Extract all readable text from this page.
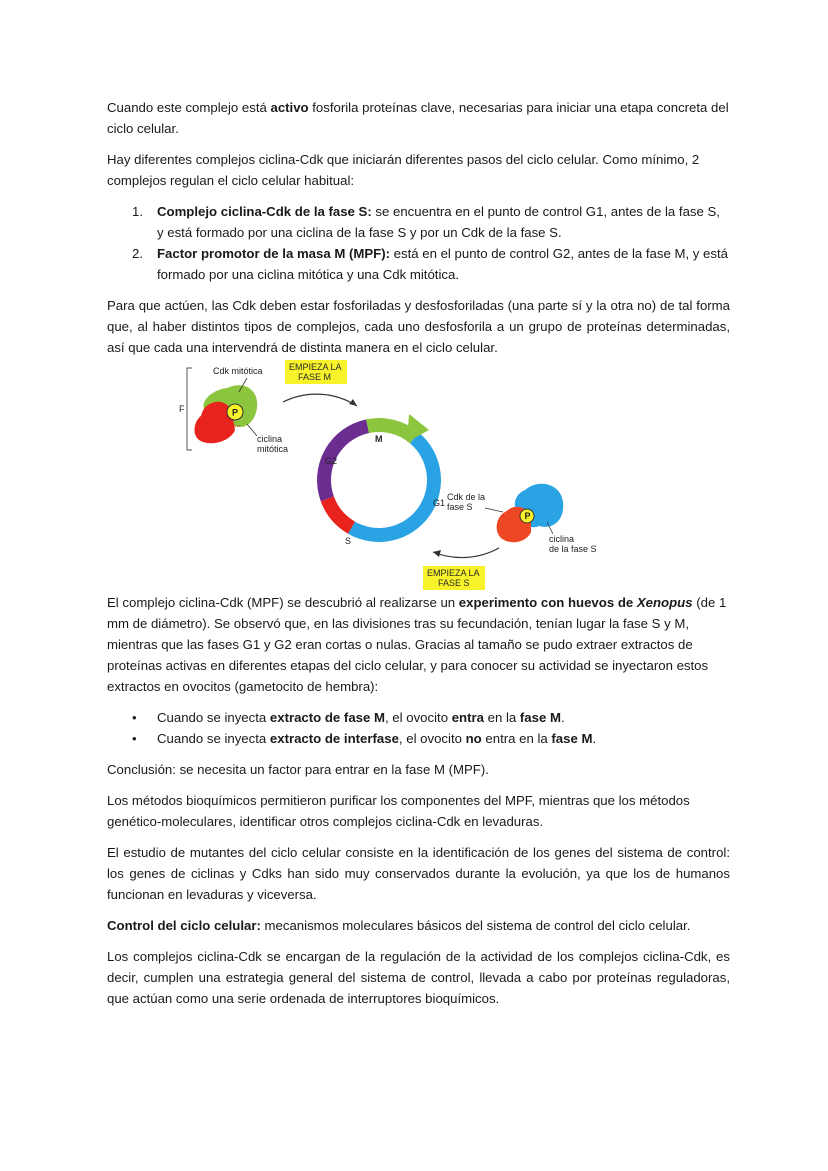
Cuando este complejo está activo fosforila proteínas clave, necesarias para iniciar una etapa concreta del ciclo celular.

Hay diferentes complejos ciclina-Cdk que iniciarán diferentes pasos del ciclo celular. Como mínimo, 2 complejos regulan el ciclo celular habitual:

1. Complejo ciclina-Cdk de la fase S: se encuentra en el punto de control G1, antes de la fase S, y está formado por una ciclina de la fase S y por un Cdk de la fase S.
2. Factor promotor de la masa M (MPF): está en el punto de control G2, antes de la fase M, y está formado por una ciclina mitótica y una Cdk mitótica.

Para que actúen, las Cdk deben estar fosforiladas y desfosforiladas (una parte sí y la otra no) de tal forma que, al haber distintos tipos de complejos, cada uno desfosforila a un grupo de proteínas determinadas, así que cada una intervendrá de distinta manera en el ciclo celular.

F	P
Cdk mitótica
ciclina
mitótica
EMPIEZA LA
FASE M
M
G2
G1
S
P
Cdk de la
fase S
ciclina
de la fase S
EMPIEZA LA
FASE S

El complejo ciclina-Cdk (MPF) se descubrió al realizarse un experimento con huevos de Xenopus (de 1 mm de diámetro). Se observó que, en las divisiones tras su fecundación, tenían lugar la fase S y M, mientras que las fases G1 y G2 eran cortas o nulas. Gracias al tamaño se pudo extraer extractos de proteínas activas en diferentes etapas del ciclo celular, y para conocer su actividad se inyectaron estos extractos en ovocitos (gametocito de hembra):

• Cuando se inyecta extracto de fase M, el ovocito entra en la fase M.
• Cuando se inyecta extracto de interfase, el ovocito no entra en la fase M.

Conclusión: se necesita un factor para entrar en la fase M (MPF).

Los métodos bioquímicos permitieron purificar los componentes del MPF, mientras que los métodos genético-moleculares, identificar otros complejos ciclina-Cdk en levaduras.

El estudio de mutantes del ciclo celular consiste en la identificación de los genes del sistema de control: los genes de ciclinas y Cdks han sido muy conservados durante la evolución, ya que los de humanos funcionan en levaduras y viceversa.

Control del ciclo celular: mecanismos moleculares básicos del sistema de control del ciclo celular.

Los complejos ciclina-Cdk se encargan de la regulación de la actividad de los complejos ciclina-Cdk, es decir, cumplen una estrategia general del sistema de control, llevada a cabo por proteínas reguladoras, que actúan como una serie ordenada de interruptores bioquímicos.
